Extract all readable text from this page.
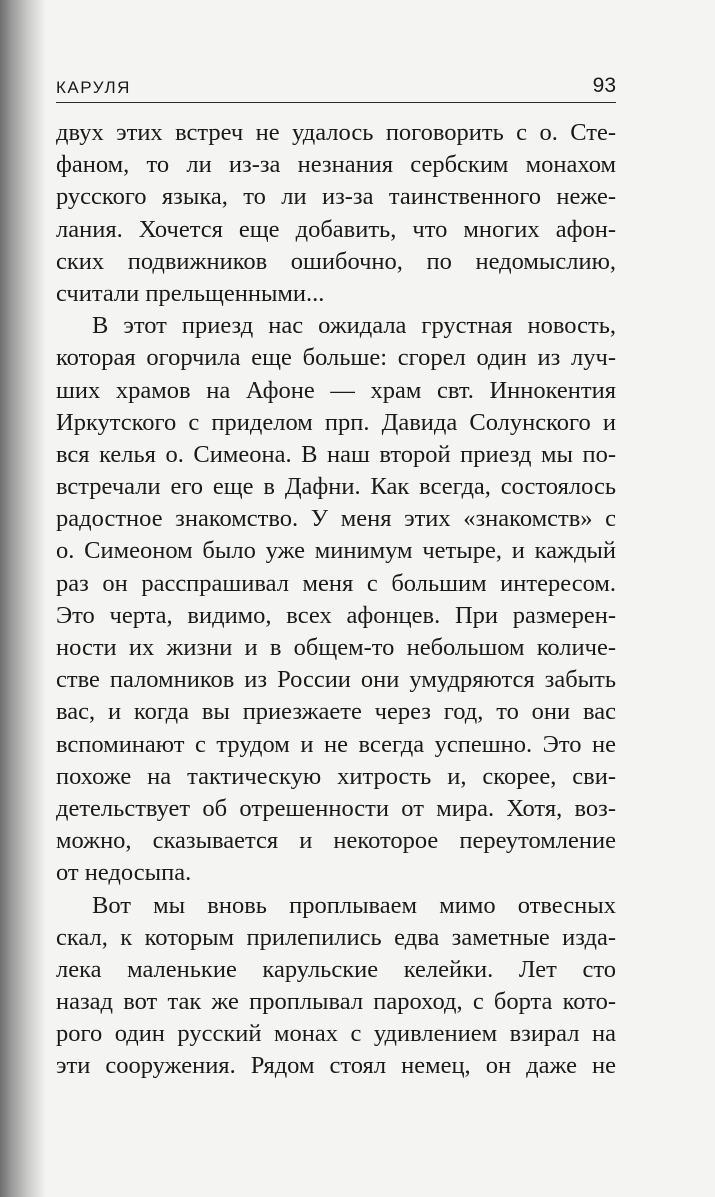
КАРУЛЯ	93
двух этих встреч не удалось поговорить с о. Сте-
фаном, то ли из-за незнания сербским монахом
русского языка, то ли из-за таинственного неже-
лания. Хочется еще добавить, что многих афон-
ских подвижников ошибочно, по недомыслию,
считали прельщенными...
В этот приезд нас ожидала грустная новость,
которая огорчила еще больше: сгорел один из луч-
ших храмов на Афоне — храм свт. Иннокентия
Иркутского с приделом прп. Давида Солунского и
вся келья о. Симеона. В наш второй приезд мы по-
встречали его еще в Дафни. Как всегда, состоялось
радостное знакомство. У меня этих «знакомств» с
о. Симеоном было уже минимум четыре, и каждый
раз он расспрашивал меня с большим интересом.
Это черта, видимо, всех афонцев. При размерен-
ности их жизни и в общем-то небольшом количе-
стве паломников из России они умудряются забыть
вас, и когда вы приезжаете через год, то они вас
вспоминают с трудом и не всегда успешно. Это не
похоже на тактическую хитрость и, скорее, сви-
детельствует об отрешенности от мира. Хотя, воз-
можно, сказывается и некоторое переутомление
от недосыпа.
Вот мы вновь проплываем мимо отвесных
скал, к которым прилепились едва заметные изда-
лека маленькие карульские келейки. Лет сто
назад вот так же проплывал пароход, с борта кото-
рого один русский монах с удивлением взирал на
эти сооружения. Рядом стоял немец, он даже не
